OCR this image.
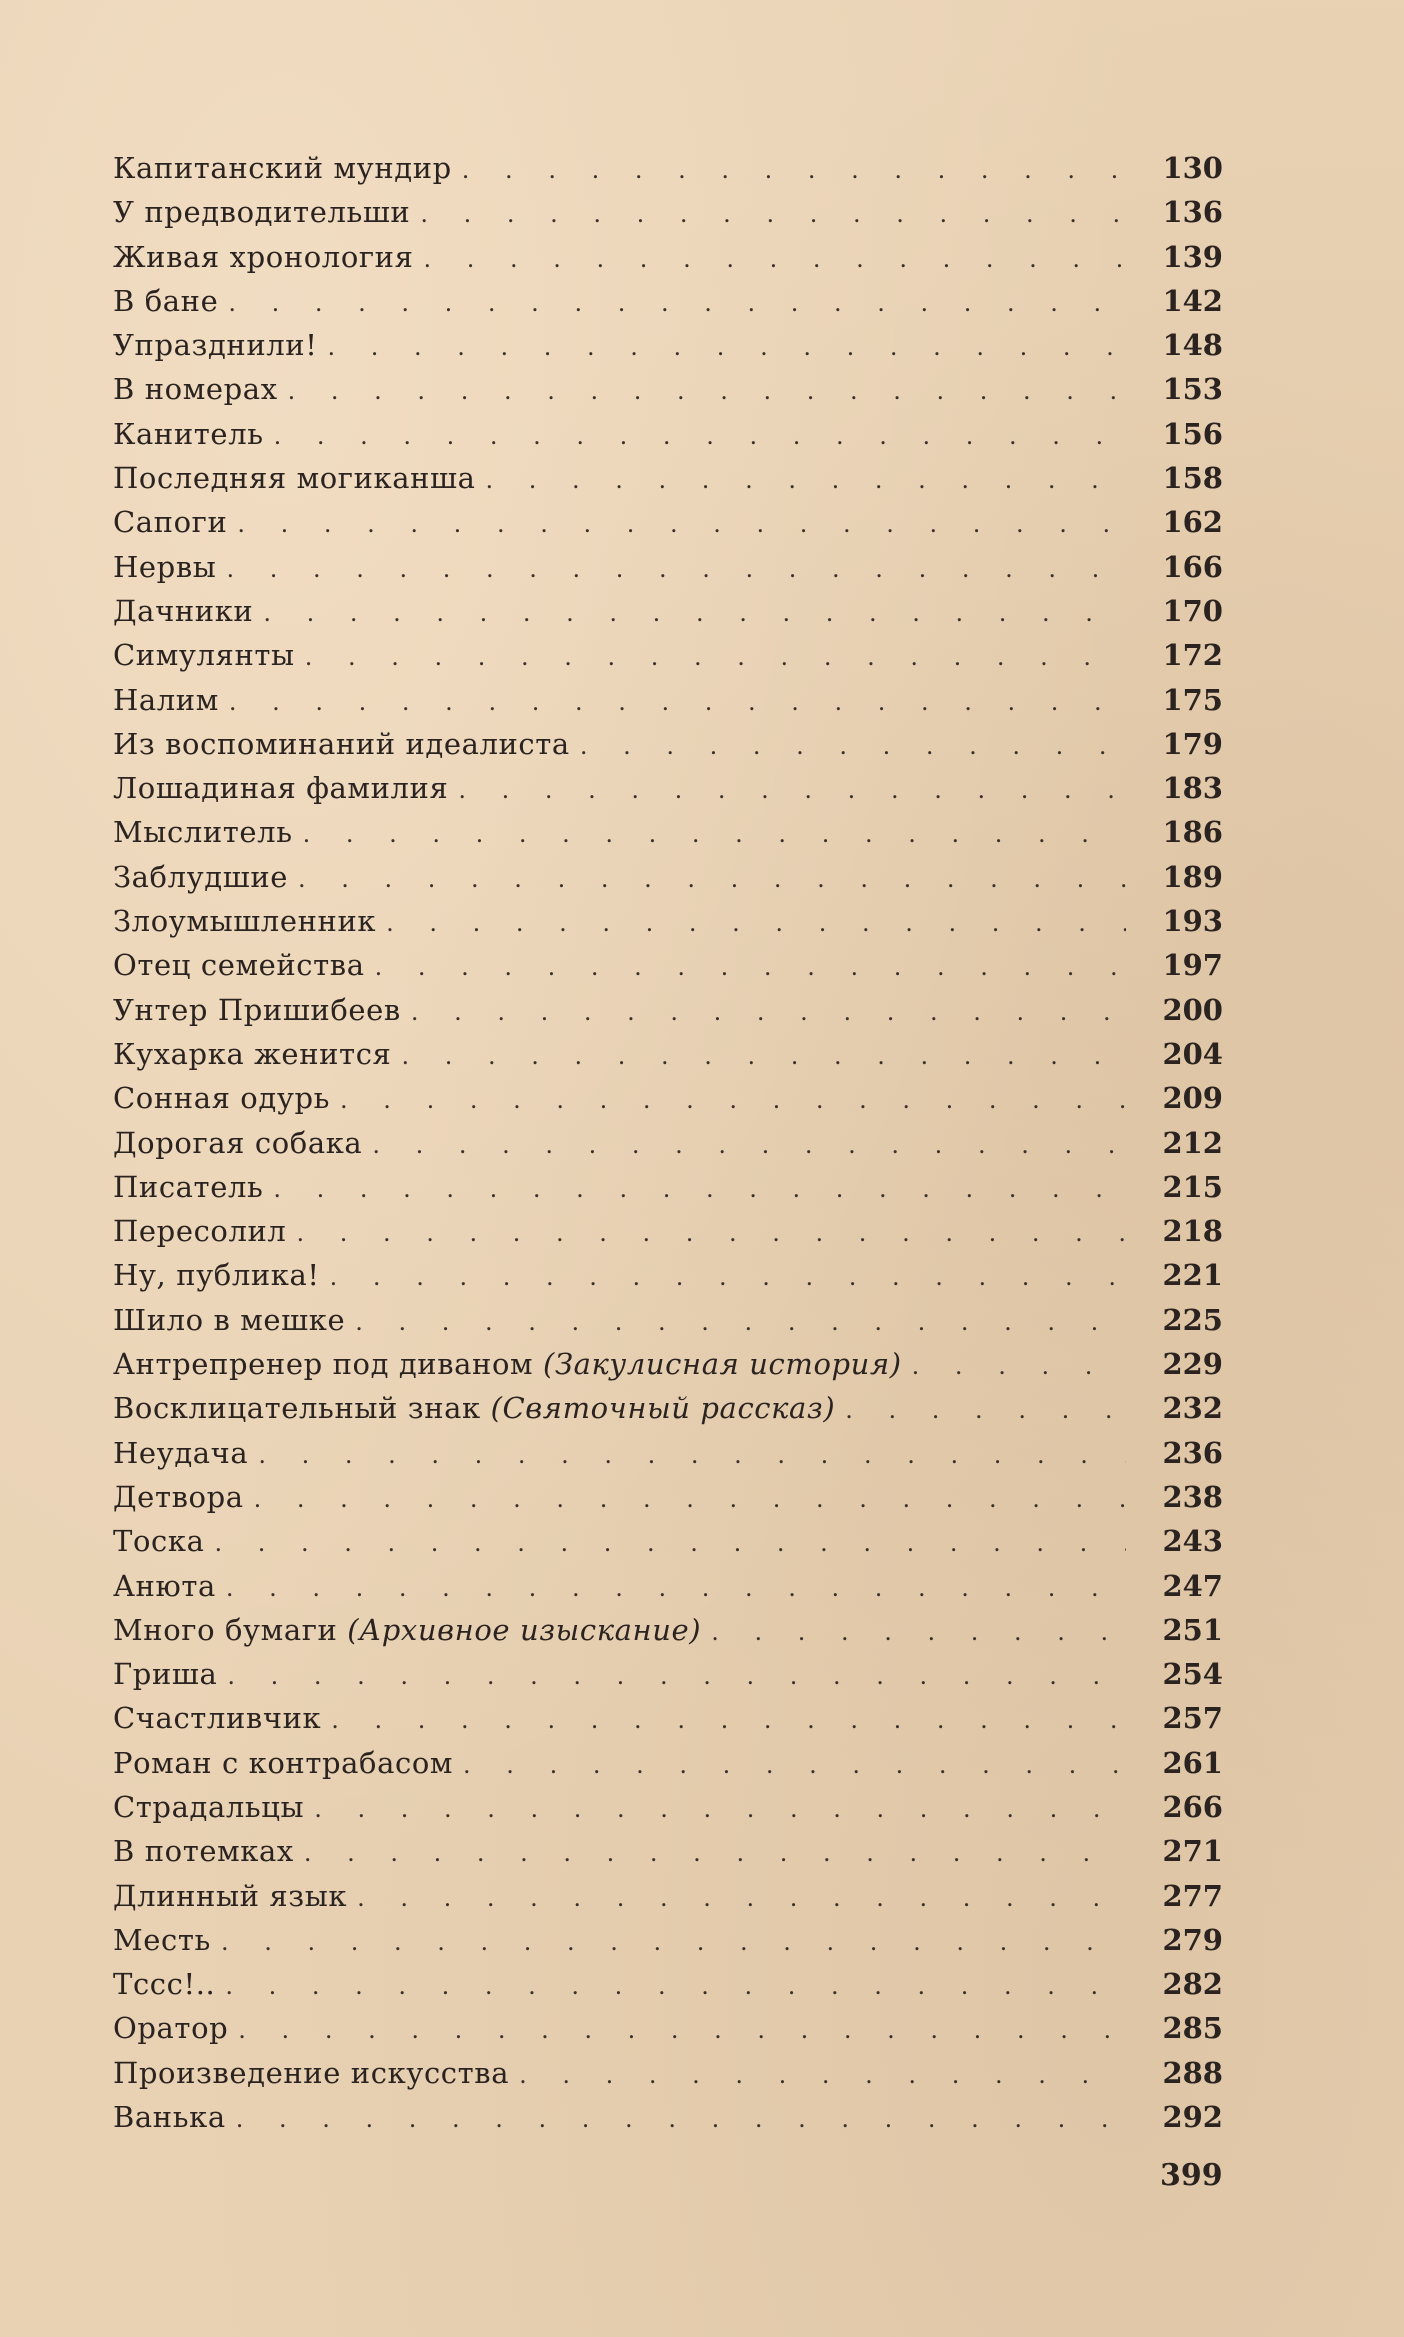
Капитанский мундир . . .	130
У предводительши . . .	136
Живая хронология . . .	139
В бане . . .	142
Упразднили! . . .	148
В номерах . . .	153
Канитель . . .	156
Последняя могиканша . . .	158
Сапоги . . .	162
Нервы . . .	166
Дачники . . .	170
Симулянты . . .	172
Налим . . .	175
Из воспоминаний идеалиста . . .	179
Лошадиная фамилия . . .	183
Мыслитель . . .	186
Заблудшие . . .	189
Злоумышленник . . .	193
Отец семейства . . .	197
Унтер Пришибеев . . .	200
Кухарка женится . . .	204
Сонная одурь . . .	209
Дорогая собака . . .	212
Писатель . . .	215
Пересолил . . .	218
Ну, публика! . . .	221
Шило в мешке . . .	225
Антрепренер под диваном (Закулисная история) . . .	229
Восклицательный знак (Святочный рассказ) . . .	232
Неудача . . .	236
Детвора . . .	238
Тоска . . .	243
Анюта . . .	247
Много бумаги (Архивное изыскание) . . .	251
Гриша . . .	254
Счастливчик . . .	257
Роман с контрабасом . . .	261
Страдальцы . . .	266
В потемках . . .	271
Длинный язык . . .	277
Месть . . .	279
Тссс!.. . . .	282
Оратор . . .	285
Произведение искусства . . .	288
Ванька . . .	292
399
